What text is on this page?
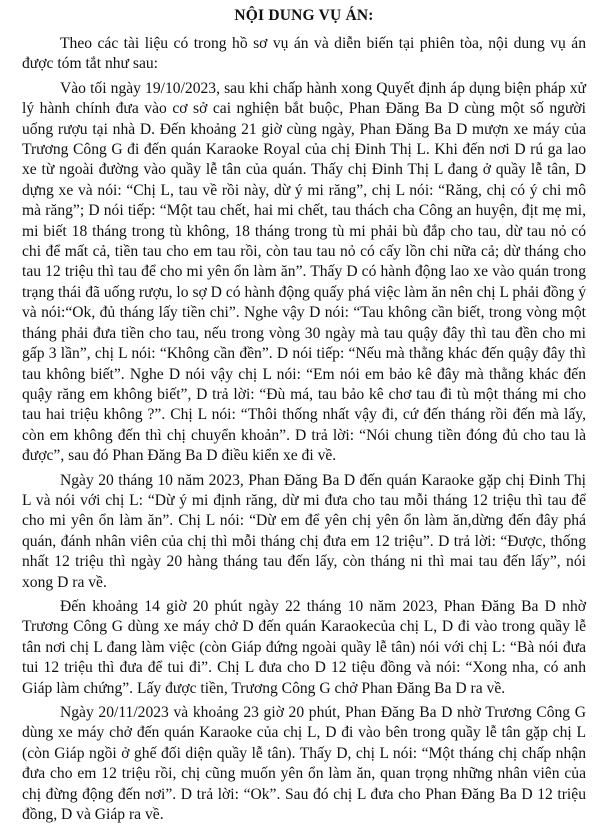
NỘI DUNG VỤ ÁN:

Theo các tài liệu có trong hồ sơ vụ án và diễn biến tại phiên tòa, nội dung vụ án được tóm tắt như sau:

Vào tối ngày 19/10/2023, sau khi chấp hành xong Quyết định áp dụng biện pháp xử lý hành chính đưa vào cơ sở cai nghiện bắt buộc, Phan Đăng Ba D cùng một số người uống rượu tại nhà D. Đến khoảng 21 giờ cùng ngày, Phan Đăng Ba D mượn xe máy của Trương Công G đi đến quán Karaoke Royal của chị Đinh Thị L. Khi đến nơi D rú ga lao xe từ ngoài đường vào quầy lễ tân của quán. Thấy chị Đinh Thị L đang ở quầy lễ tân, D dựng xe và nói: “Chị L, tau về rồi này, dừ ý mi răng”, chị L nói: “Răng, chị có ý chi mô mà răng”; D nói tiếp: “Một tau chết, hai mi chết, tau thách cha Công an huyện, địt mẹ mi, mi biết 18 tháng trong tù không, 18 tháng trong tù mi phải bù đắp cho tau, dừ tau nỏ có chi để mất cả, tiền tau cho em tau rồi, còn tau tau nỏ có cấy lồn chi nữa cả; dừ tháng cho tau 12 triệu thì tau để cho mi yên ổn làm ăn”. Thấy D có hành động lao xe vào quán trong trạng thái đã uống rượu, lo sợ D có hành động quấy phá việc làm ăn nên chị L phải đồng ý và nói:“Ok, đủ tháng lấy tiền chi”. Nghe vậy D nói: “Tau không cần biết, trong vòng một tháng phải đưa tiền cho tau, nếu trong vòng 30 ngày mà tau quậy đây thì tau đền cho mi gấp 3 lần”, chị L nói: “Không cần đền”. D nói tiếp: “Nếu mà thằng khác đến quậy đây thì tau không biết”. Nghe D nói vậy chị L nói: “Em nói em bảo kê đây mà thằng khác đến quậy răng em không biết”, D trả lời: “Đù má, tau bảo kê chơ tau đi tù một tháng mi cho tau hai triệu không ?”. Chị L nói: “Thôi thống nhất vậy đi, cứ đến tháng rồi đến mà lấy, còn em không đến thì chị chuyển khoản”. D trả lời: “Nói chung tiền đóng đủ cho tau là được”, sau đó Phan Đăng Ba D điều kiển xe đi về.

Ngày 20 tháng 10 năm 2023, Phan Đăng Ba D đến quán Karaoke gặp chị Đinh Thị L và nói với chị L: “Dừ ý mi định răng, dừ mi đưa cho tau mỗi tháng 12 triệu thì tau để cho mi yên ổn làm ăn”. Chị L nói: “Dừ em để yên chị yên ổn làm ăn,dừng đến đây phá quán, đánh nhân viên của chị thì mỗi tháng chị đưa em 12 triệu”. D trả lời: “Được, thống nhất 12 triệu thì ngày 20 hàng tháng tau đến lấy, còn tháng ni thì mai tau đến lấy”, nói xong D ra về.

Đến khoảng 14 giờ 20 phút ngày 22 tháng 10 năm 2023, Phan Đăng Ba D nhờ Trương Công G dùng xe máy chở D đến quán Karaokecủa chị L, D đi vào trong quầy lễ tân nơi chị L đang làm việc (còn Giáp đứng ngoài quầy lễ tân) nói với chị L: “Bà nói đưa tui 12 triệu thì đưa để tui đi”. Chị L đưa cho D 12 tiệu đồng và nói: “Xong nha, có anh Giáp làm chứng”. Lấy được tiền, Trương Công G chở Phan Đăng Ba D ra về.

Ngày 20/11/2023 và khoảng 23 giờ 20 phút, Phan Đăng Ba D nhờ Trương Công G dùng xe máy chở đến quán Karaoke của chị L, D đi vào bên trong quầy lễ tân gặp chị L (còn Giáp ngồi ở ghế đối diện quầy lễ tân). Thấy D, chị L nói: “Một tháng chị chấp nhận đưa cho em 12 triệu rồi, chị cũng muốn yên ổn làm ăn, quan trọng những nhân viên của chị đừng động đến nơi”. D trả lời: “Ok”. Sau đó chị L đưa cho Phan Đăng Ba D 12 triệu đồng, D và Giáp ra về.
